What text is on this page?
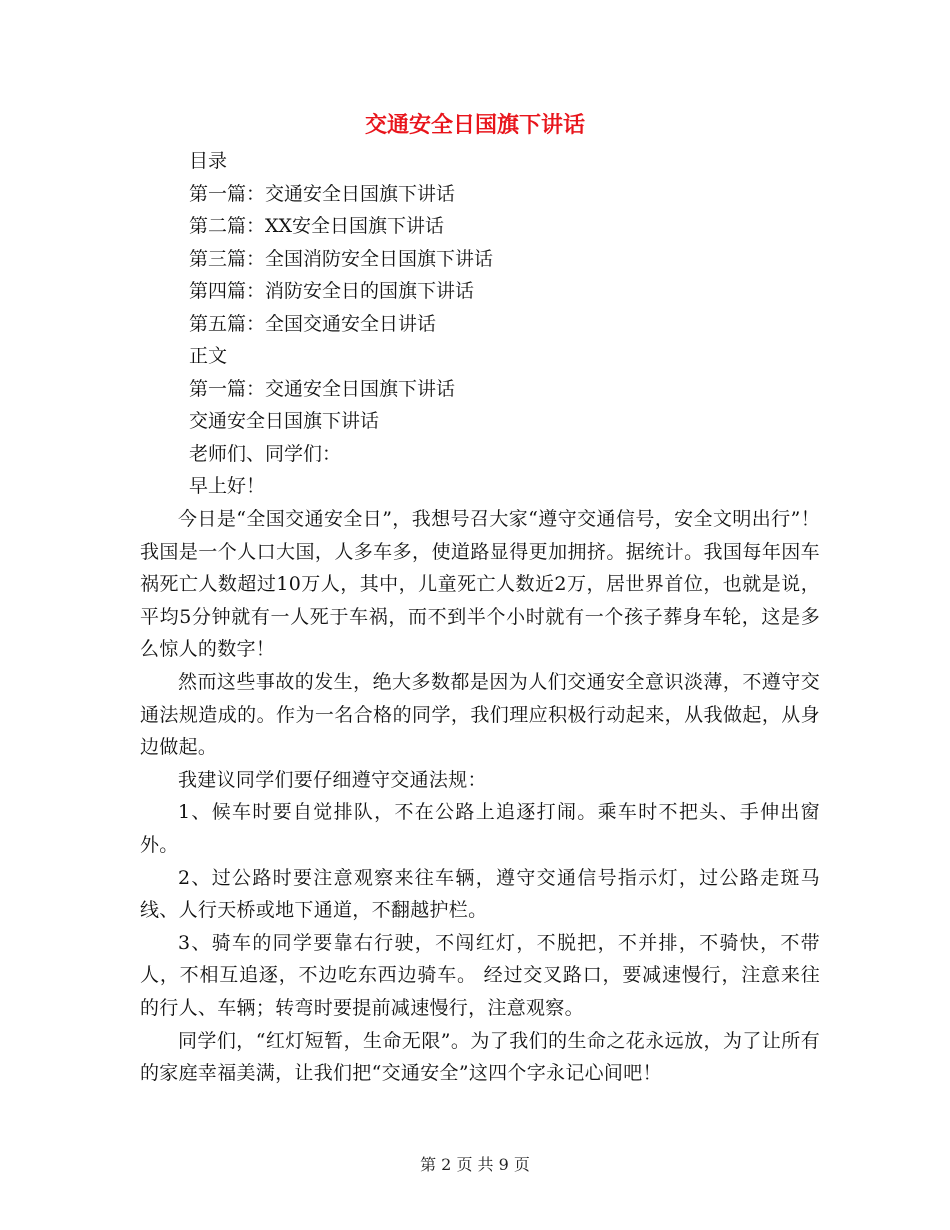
交通安全日国旗下讲话
目录
第一篇：交通安全日国旗下讲话
第二篇：XX安全日国旗下讲话
第三篇：全国消防安全日国旗下讲话
第四篇：消防安全日的国旗下讲话
第五篇：全国交通安全日讲话
正文
第一篇：交通安全日国旗下讲话
交通安全日国旗下讲话
老师们、同学们：
早上好！

今日是“全国交通安全日”，我想号召大家“遵守交通信号，安全文明出行”！ 我国是一个人口大国，人多车多，使道路显得更加拥挤。据统计。我国每年因车祸死亡人数超过10万人，其中，儿童死亡人数近2万，居世界首位，也就是说，平均5分钟就有一人死于车祸，而不到半个小时就有一个孩子葬身车轮，这是多么惊人的数字！

然而这些事故的发生，绝大多数都是因为人们交通安全意识淡薄，不遵守交通法规造成的。作为一名合格的同学，我们理应积极行动起来，从我做起，从身边做起。

我建议同学们要仔细遵守交通法规：

1、候车时要自觉排队，不在公路上追逐打闹。乘车时不把头、手伸出窗外。

2、过公路时要注意观察来往车辆，遵守交通信号指示灯，过公路走斑马线、人行天桥或地下通道，不翻越护栏。

3、骑车的同学要靠右行驶，不闯红灯，不脱把，不并排，不骑快，不带人，不相互追逐，不边吃东西边骑车。 经过交叉路口，要减速慢行，注意来往的行人、车辆；转弯时要提前减速慢行，注意观察。

同学们，“红灯短暂，生命无限”。为了我们的生命之花永远放，为了让所有的家庭幸福美满，让我们把“交通安全”这四个字永记心间吧！

第 2 页 共 9 页
